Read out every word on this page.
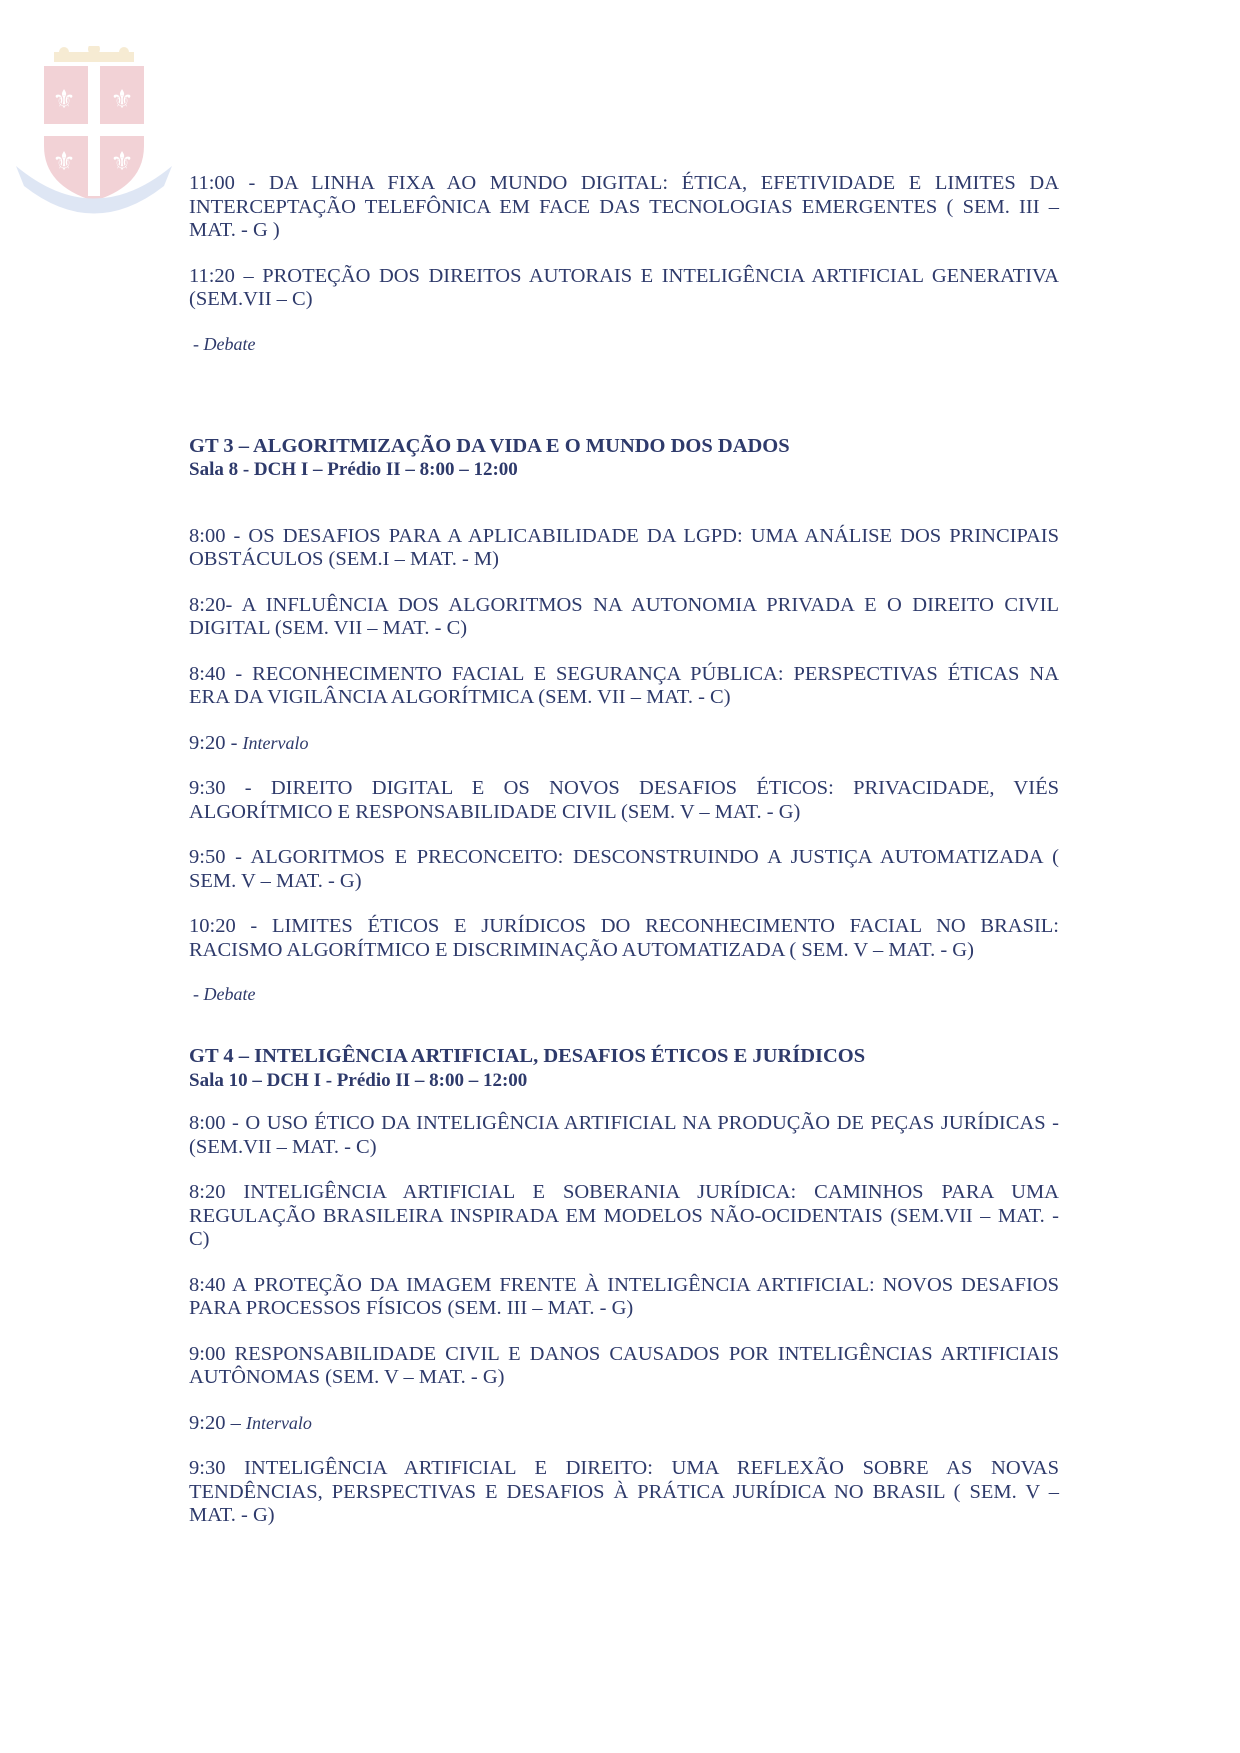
⚜ ⚜
⚜ ⚜

11:00 - DA LINHA FIXA AO MUNDO DIGITAL: ÉTICA, EFETIVIDADE E LIMITES DA INTERCEPTAÇÃO TELEFÔNICA EM FACE DAS TECNOLOGIAS EMERGENTES ( SEM. III – MAT. - G )

11:20 – PROTEÇÃO DOS DIREITOS AUTORAIS E INTELIGÊNCIA ARTIFICIAL GENERATIVA (SEM.VII – C)

- Debate

GT 3 – ALGORITMIZAÇÃO DA VIDA E O MUNDO DOS DADOS

Sala 8 - DCH I – Prédio II – 8:00 – 12:00

8:00 - OS DESAFIOS PARA A APLICABILIDADE DA LGPD: UMA ANÁLISE DOS PRINCIPAIS OBSTÁCULOS (SEM.I – MAT. - M)

8:20- A INFLUÊNCIA DOS ALGORITMOS NA AUTONOMIA PRIVADA E O DIREITO CIVIL DIGITAL (SEM. VII – MAT. - C)

8:40 - RECONHECIMENTO FACIAL E SEGURANÇA PÚBLICA: PERSPECTIVAS ÉTICAS NA ERA DA VIGILÂNCIA ALGORÍTMICA (SEM. VII – MAT. - C)

9:20 - Intervalo

9:30 - DIREITO DIGITAL E OS NOVOS DESAFIOS ÉTICOS: PRIVACIDADE, VIÉS ALGORÍTMICO E RESPONSABILIDADE CIVIL (SEM. V – MAT. - G)

9:50 - ALGORITMOS E PRECONCEITO: DESCONSTRUINDO A JUSTIÇA AUTOMATIZADA ( SEM. V – MAT. - G)

10:20 - LIMITES ÉTICOS E JURÍDICOS DO RECONHECIMENTO FACIAL NO BRASIL: RACISMO ALGORÍTMICO E DISCRIMINAÇÃO AUTOMATIZADA ( SEM. V – MAT. - G)

- Debate

GT 4 – INTELIGÊNCIA ARTIFICIAL, DESAFIOS ÉTICOS E JURÍDICOS

Sala 10 – DCH I - Prédio II – 8:00 – 12:00

8:00 - O USO ÉTICO DA INTELIGÊNCIA ARTIFICIAL NA PRODUÇÃO DE PEÇAS JURÍDICAS - (SEM.VII – MAT. - C)

8:20 INTELIGÊNCIA ARTIFICIAL E SOBERANIA JURÍDICA: CAMINHOS PARA UMA REGULAÇÃO BRASILEIRA INSPIRADA EM MODELOS NÃO-OCIDENTAIS (SEM.VII – MAT. - C)

8:40 A PROTEÇÃO DA IMAGEM FRENTE À INTELIGÊNCIA ARTIFICIAL: NOVOS DESAFIOS PARA PROCESSOS FÍSICOS (SEM. III – MAT. - G)

9:00 RESPONSABILIDADE CIVIL E DANOS CAUSADOS POR INTELIGÊNCIAS ARTIFICIAIS AUTÔNOMAS (SEM. V – MAT. - G)

9:20 – Intervalo

9:30 INTELIGÊNCIA ARTIFICIAL E DIREITO: UMA REFLEXÃO SOBRE AS NOVAS TENDÊNCIAS, PERSPECTIVAS E DESAFIOS À PRÁTICA JURÍDICA NO BRASIL ( SEM. V – MAT. - G)
